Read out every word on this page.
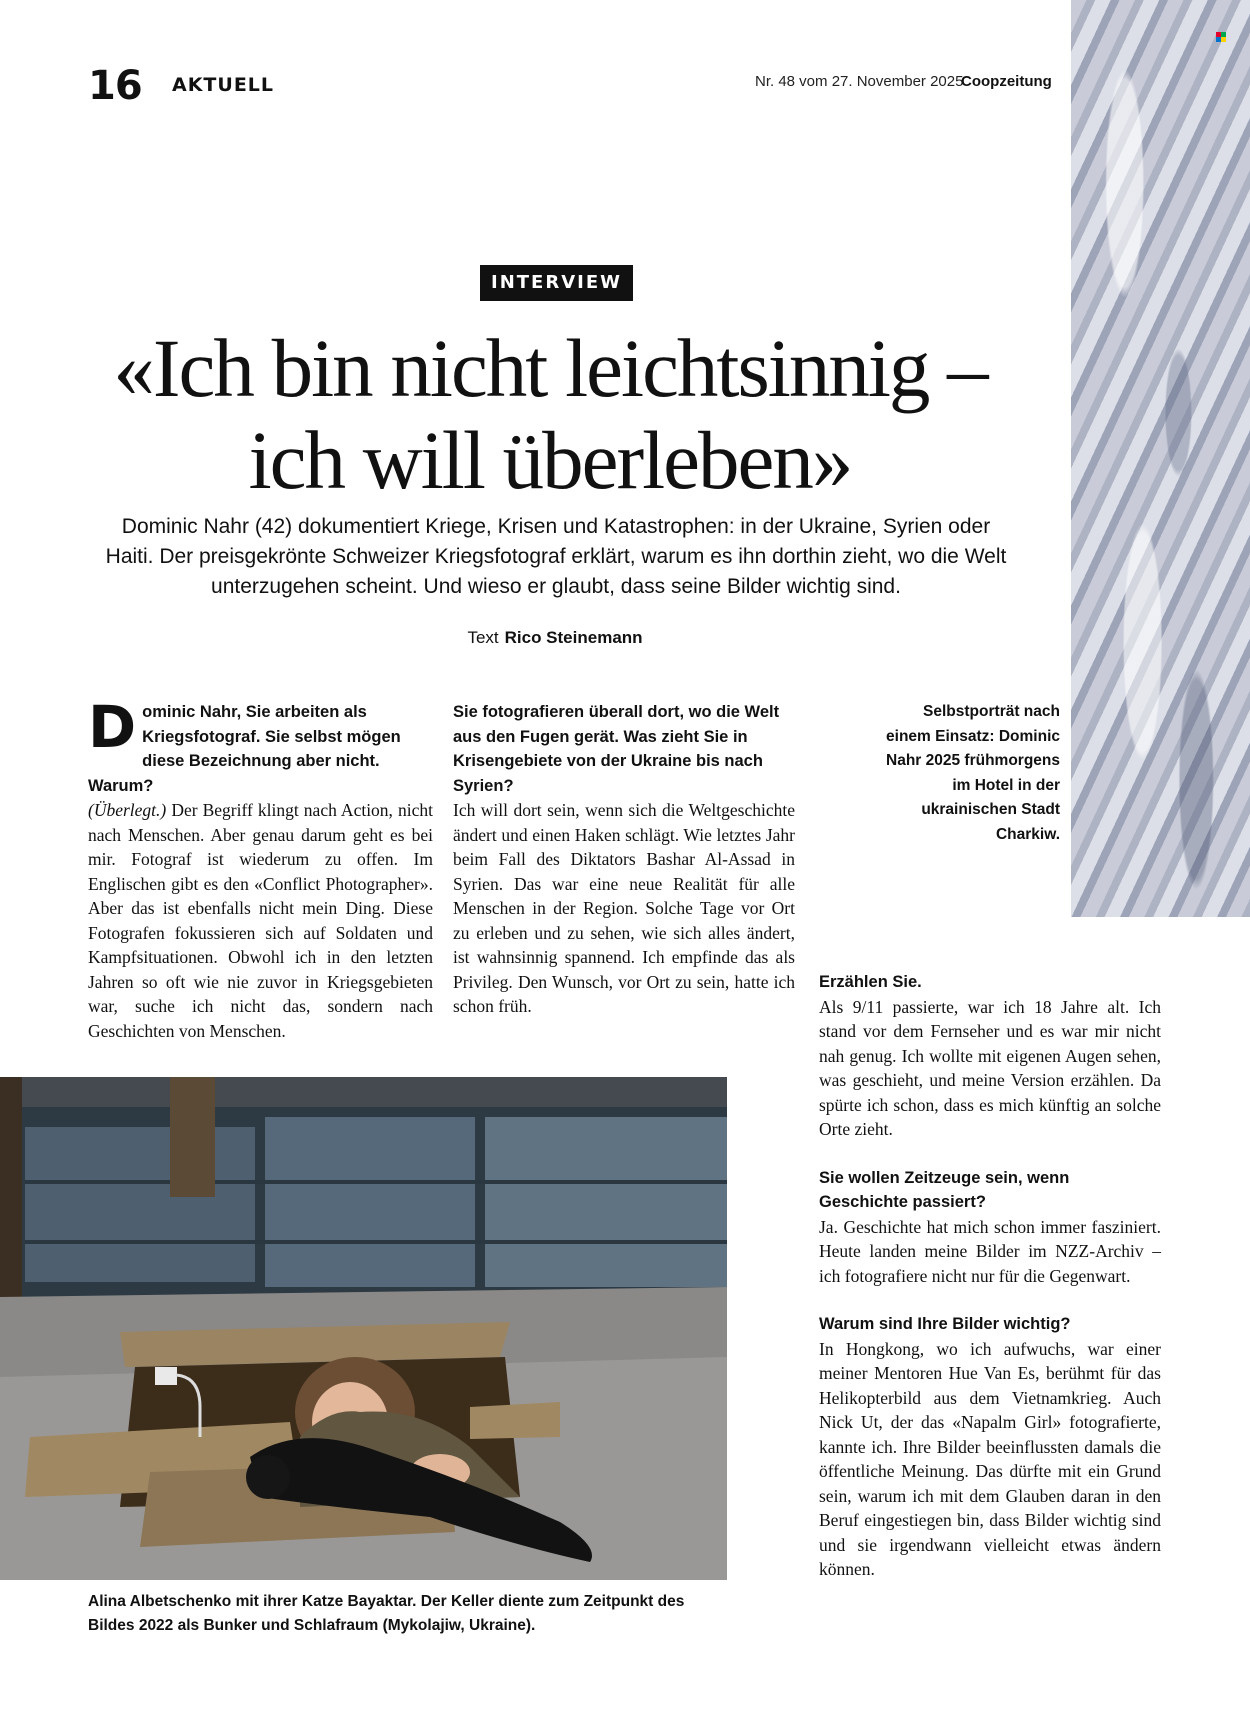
16 AKTUELL	Nr. 48 vom 27. November 2025
Coopzeitung
INTERVIEW
«Ich bin nicht leichtsinnig –
ich will überleben»
Dominic Nahr (42) dokumentiert Kriege, Krisen und Katastrophen: in der Ukraine, Syrien oder Haiti. Der preisgekrönte Schweizer Kriegsfotograf erklärt, warum es ihn dorthin zieht, wo die Welt unterzugehen scheint. Und wieso er glaubt, dass seine Bilder wichtig sind.
Text Rico Steinemann

Dominic Nahr, Sie arbeiten als Kriegsfotograf. Sie selbst mögen diese Bezeichnung aber nicht. Warum?

(Überlegt.) Der Begriff klingt nach Action, nicht nach Menschen. Aber genau darum geht es bei mir. Fotograf ist wiederum zu offen. Im Englischen gibt es den «Conflict Photographer». Aber das ist ebenfalls nicht mein Ding. Diese Fotografen fokussieren sich auf Soldaten und Kampfsituationen. Obwohl ich in den letzten Jahren so oft wie nie zuvor in Kriegsgebieten war, suche ich nicht das, sondern nach Geschichten von Menschen.

Sie fotografieren überall dort, wo die Welt aus den Fugen gerät. Was zieht Sie in Krisengebiete von der Ukraine bis nach Syrien?

Ich will dort sein, wenn sich die Weltgeschichte ändert und einen Haken schlägt. Wie letztes Jahr beim Fall des Diktators Bashar Al-Assad in Syrien. Das war eine neue Realität für alle Menschen in der Region. Solche Tage vor Ort zu erleben und zu sehen, wie sich alles ändert, ist wahnsinnig spannend. Ich empfinde das als Privileg. Den Wunsch, vor Ort zu sein, hatte ich schon früh.

Selbstporträt nach einem Einsatz: Dominic Nahr 2025 frühmorgens im Hotel in der ukrainischen Stadt Charkiw.

Erzählen Sie.

Als 9/11 passierte, war ich 18 Jahre alt. Ich stand vor dem Fernseher und es war mir nicht nah genug. Ich wollte mit eigenen Augen sehen, was geschieht, und meine Version erzählen. Da spürte ich schon, dass es mich künftig an solche Orte zieht.

Sie wollen Zeitzeuge sein, wenn Geschichte passiert?

Ja. Geschichte hat mich schon immer fasziniert. Heute landen meine Bilder im NZZ-Archiv – ich fotografiere nicht nur für die Gegenwart.

Warum sind Ihre Bilder wichtig?

In Hongkong, wo ich aufwuchs, war einer meiner Mentoren Hue Van Es, berühmt für das Helikopterbild aus dem Vietnamkrieg. Auch Nick Ut, der das «Napalm Girl» fotografierte, kannte ich. Ihre Bilder beeinflussten damals die öffentliche Meinung. Das dürfte mit ein Grund sein, warum ich mit dem Glauben daran in den Beruf eingestiegen bin, dass Bilder wichtig sind und sie irgendwann vielleicht etwas ändern können.

Alina Albetschenko mit ihrer Katze Bayaktar. Der Keller diente zum Zeitpunkt des Bildes 2022 als Bunker und Schlafraum (Mykolajiw, Ukraine).
